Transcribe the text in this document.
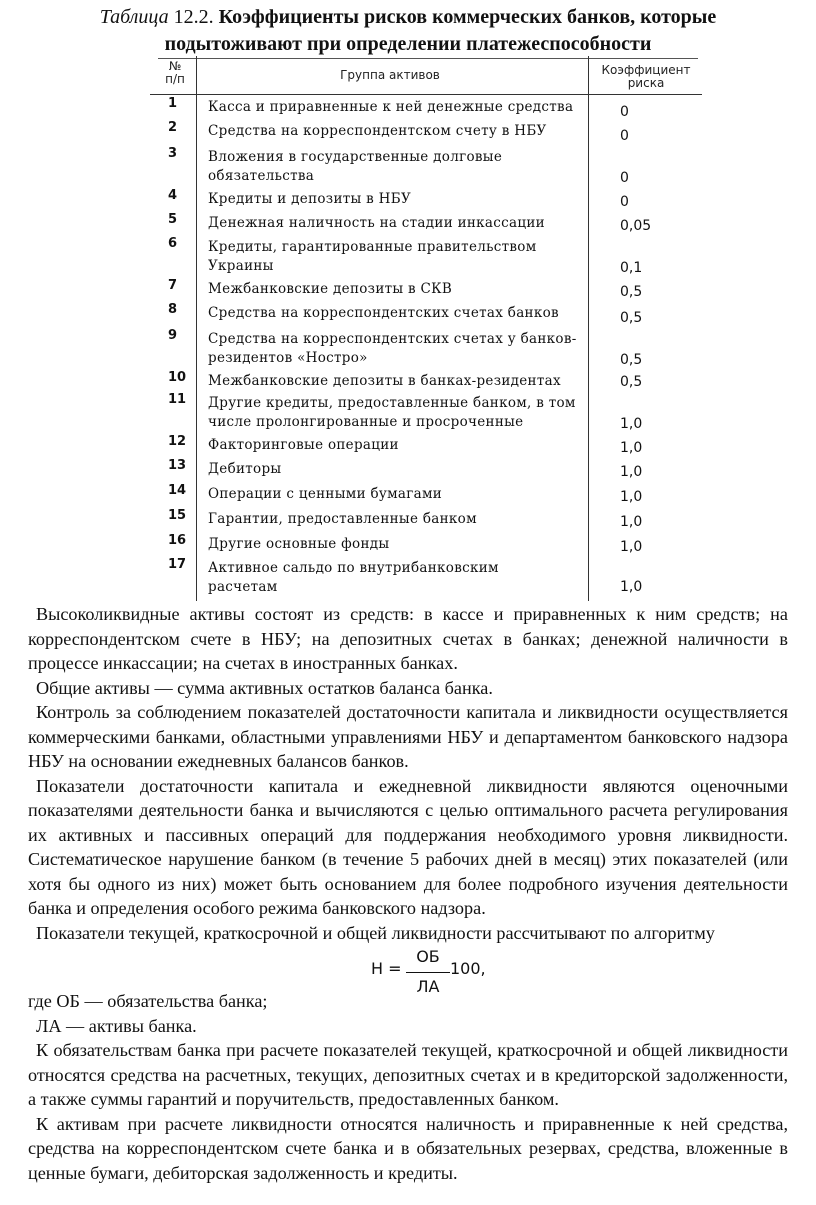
Таблица 12.2. Коэффициенты рисков коммерческих банков, которые
подытоживают при определении платежеспособности
№
п/п	Группа активов	Коэффициент
риска
1 Касса и приравненные к ней денежные средства	0
2 Средства на корреспондентском счету в НБУ	0
3 Вложения в государственные долговые обязательства	0
4 Кредиты и депозиты в НБУ	0
5 Денежная наличность на стадии инкассации	0,05
6 Кредиты, гарантированные правительством Украины	0,1
7 Межбанковские депозиты в СКВ	0,5
8 Средства на корреспондентских счетах банков	0,5
9 Средства на корреспондентских счетах у банков-резидентов «Ностро»	0,5
10 Межбанковские депозиты в банках-резидентах	0,5
11 Другие кредиты, предоставленные банком, в том числе пролонгированные и просроченные	1,0
12 Факторинговые операции	1,0
13 Дебиторы	1,0
14 Операции с ценными бумагами	1,0
15 Гарантии, предоставленные банком	1,0
16 Другие основные фонды	1,0
17 Активное сальдо по внутрибанковским расчетам	1,0

Высоколиквидные активы состоят из средств: в кассе и приравненных к ним средств; на корреспондентском счете в НБУ; на депозитных счетах в банках; денежной наличности в процессе инкассации; на счетах в иностранных банках.

Общие активы — сумма активных остатков баланса банка.

Контроль за соблюдением показателей достаточности капитала и ликвидности осуществляется коммерческими банками, областными управлениями НБУ и департаментом банковского надзора НБУ на основании ежедневных балансов банков.

Показатели достаточности капитала и ежедневной ликвидности являются оценочными показателями деятельности банка и вычисляются с целью оптимального расчета регулирования их активных и пассивных операций для поддержания необходимого уровня ликвидности. Систематическое нарушение банком (в течение 5 рабочих дней в месяц) этих показателей (или хотя бы одного из них) может быть основанием для более подробного изучения деятельности банка и определения особого режима банковского надзора.

Показатели текущей, краткосрочной и общей ликвидности рассчитывают по алгоритму

Н =
ОБ
ЛА
100,

где ОБ — обязательства банка;

ЛА — активы банка.

К обязательствам банка при расчете показателей текущей, краткосрочной и общей ликвидности относятся средства на расчетных, текущих, депозитных счетах и в кредиторской задолженности, а также суммы гарантий и поручительств, предоставленных банком.

К активам при расчете ликвидности относятся наличность и приравненные к ней средства, средства на корреспондентском счете банка и в обязательных резервах, средства, вложенные в ценные бумаги, дебиторская задолженность и кредиты.
